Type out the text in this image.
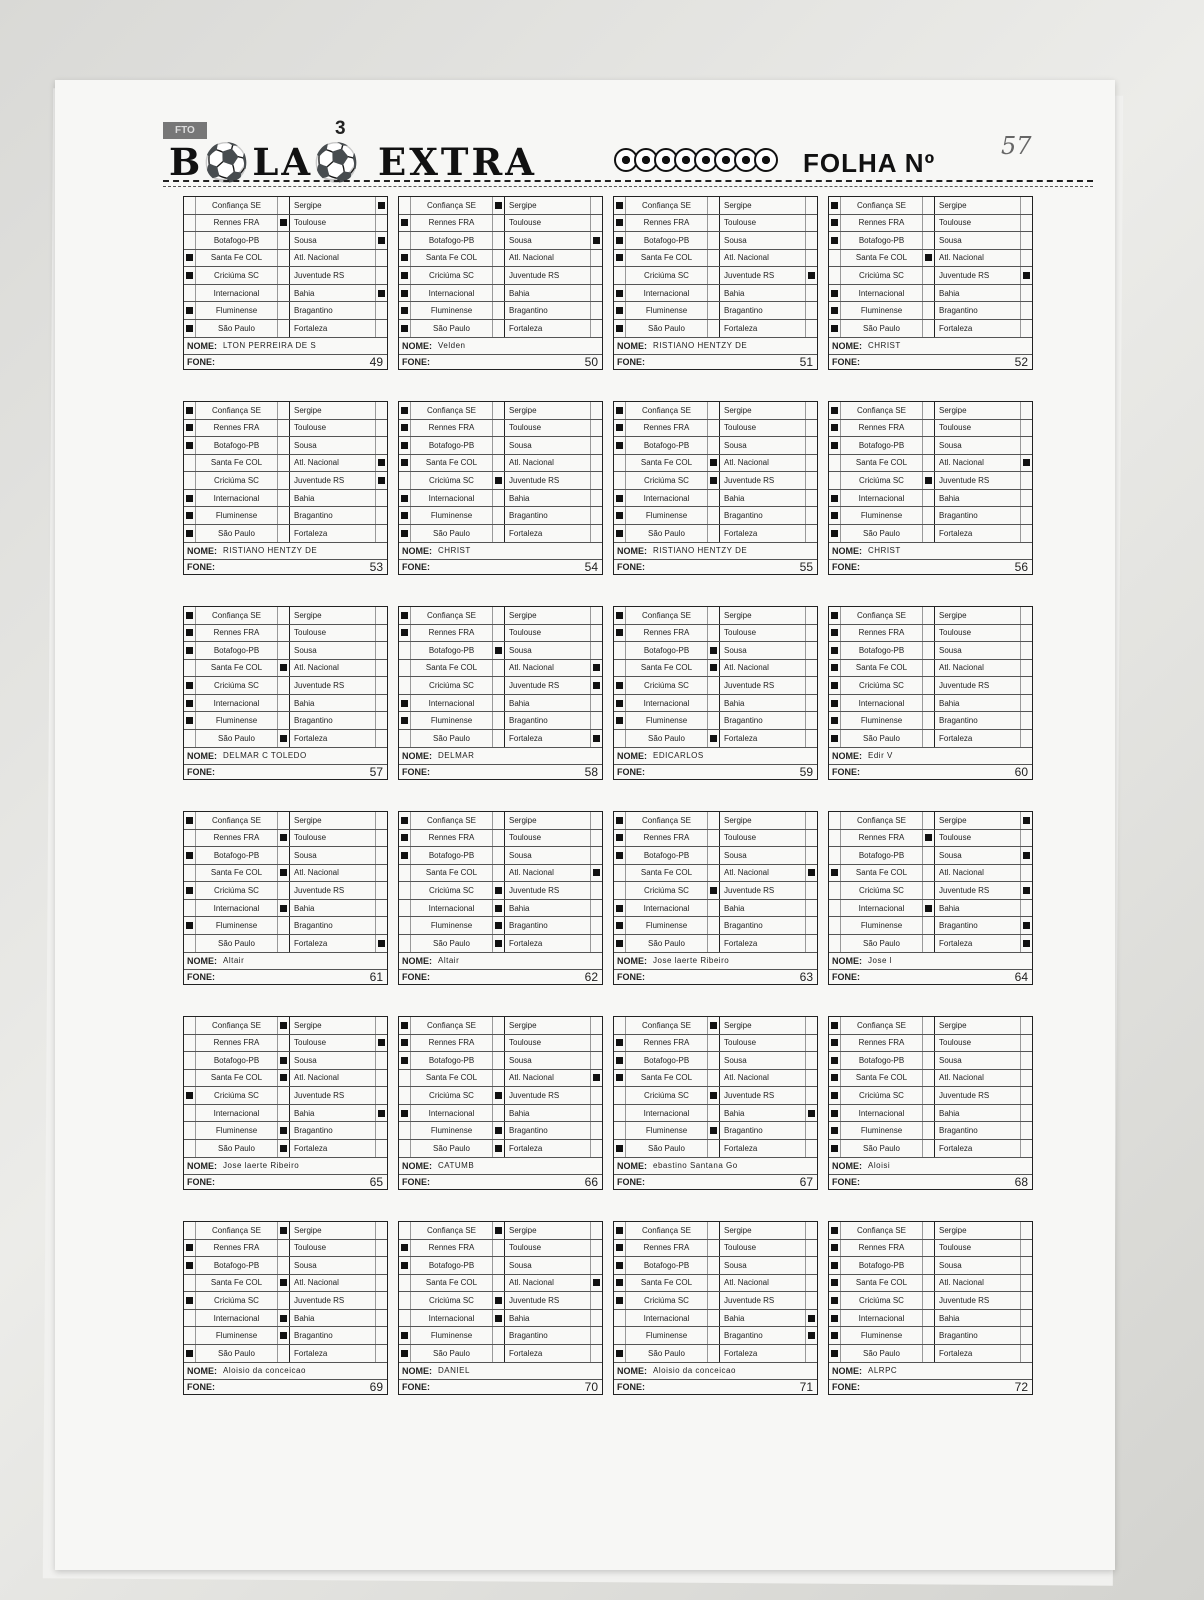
FTO	3
B⚽LA⚽ EXTRA	FOLHA Nº
57
Confiança SE	Sergipe
Rennes FRA	Toulouse
Botafogo-PB	Sousa
Santa Fe COL	Atl. Nacional
Criciúma SC	Juventude RS
Internacional	Bahia
Fluminense	Bragantino
São Paulo	Fortaleza
NOME: LTON PERREIRA DE S
FONE:	49
Confiança SE	Sergipe
Rennes FRA	Toulouse
Botafogo-PB	Sousa
Santa Fe COL	Atl. Nacional
Criciúma SC	Juventude RS
Internacional	Bahia
Fluminense	Bragantino
São Paulo	Fortaleza
NOME: Velden
FONE:	50
Confiança SE	Sergipe
Rennes FRA	Toulouse
Botafogo-PB	Sousa
Santa Fe COL	Atl. Nacional
Criciúma SC	Juventude RS
Internacional	Bahia
Fluminense	Bragantino
São Paulo	Fortaleza
NOME: RISTIANO HENTZY DE
FONE:	51
Confiança SE	Sergipe
Rennes FRA	Toulouse
Botafogo-PB	Sousa
Santa Fe COL	Atl. Nacional
Criciúma SC	Juventude RS
Internacional	Bahia
Fluminense	Bragantino
São Paulo	Fortaleza
NOME: CHRIST
FONE:	52
Confiança SE	Sergipe
Rennes FRA	Toulouse
Botafogo-PB	Sousa
Santa Fe COL	Atl. Nacional
Criciúma SC	Juventude RS
Internacional	Bahia
Fluminense	Bragantino
São Paulo	Fortaleza
NOME: RISTIANO HENTZY DE
FONE:	53
Confiança SE	Sergipe
Rennes FRA	Toulouse
Botafogo-PB	Sousa
Santa Fe COL	Atl. Nacional
Criciúma SC	Juventude RS
Internacional	Bahia
Fluminense	Bragantino
São Paulo	Fortaleza
NOME: CHRIST
FONE:	54
Confiança SE	Sergipe
Rennes FRA	Toulouse
Botafogo-PB	Sousa
Santa Fe COL	Atl. Nacional
Criciúma SC	Juventude RS
Internacional	Bahia
Fluminense	Bragantino
São Paulo	Fortaleza
NOME: RISTIANO HENTZY DE
FONE:	55
Confiança SE	Sergipe
Rennes FRA	Toulouse
Botafogo-PB	Sousa
Santa Fe COL	Atl. Nacional
Criciúma SC	Juventude RS
Internacional	Bahia
Fluminense	Bragantino
São Paulo	Fortaleza
NOME: CHRIST
FONE:	56
Confiança SE	Sergipe
Rennes FRA	Toulouse
Botafogo-PB	Sousa
Santa Fe COL	Atl. Nacional
Criciúma SC	Juventude RS
Internacional	Bahia
Fluminense	Bragantino
São Paulo	Fortaleza
NOME: DELMAR C TOLEDO
FONE:	57
Confiança SE	Sergipe
Rennes FRA	Toulouse
Botafogo-PB	Sousa
Santa Fe COL	Atl. Nacional
Criciúma SC	Juventude RS
Internacional	Bahia
Fluminense	Bragantino
São Paulo	Fortaleza
NOME: DELMAR
FONE:	58
Confiança SE	Sergipe
Rennes FRA	Toulouse
Botafogo-PB	Sousa
Santa Fe COL	Atl. Nacional
Criciúma SC	Juventude RS
Internacional	Bahia
Fluminense	Bragantino
São Paulo	Fortaleza
NOME: EDICARLOS
FONE:	59
Confiança SE	Sergipe
Rennes FRA	Toulouse
Botafogo-PB	Sousa
Santa Fe COL	Atl. Nacional
Criciúma SC	Juventude RS
Internacional	Bahia
Fluminense	Bragantino
São Paulo	Fortaleza
NOME: Edir V
FONE:	60
Confiança SE	Sergipe
Rennes FRA	Toulouse
Botafogo-PB	Sousa
Santa Fe COL	Atl. Nacional
Criciúma SC	Juventude RS
Internacional	Bahia
Fluminense	Bragantino
São Paulo	Fortaleza
NOME: Altair
FONE:	61
Confiança SE	Sergipe
Rennes FRA	Toulouse
Botafogo-PB	Sousa
Santa Fe COL	Atl. Nacional
Criciúma SC	Juventude RS
Internacional	Bahia
Fluminense	Bragantino
São Paulo	Fortaleza
NOME: Altair
FONE:	62
Confiança SE	Sergipe
Rennes FRA	Toulouse
Botafogo-PB	Sousa
Santa Fe COL	Atl. Nacional
Criciúma SC	Juventude RS
Internacional	Bahia
Fluminense	Bragantino
São Paulo	Fortaleza
NOME: Jose laerte Ribeiro
FONE:	63
Confiança SE	Sergipe
Rennes FRA	Toulouse
Botafogo-PB	Sousa
Santa Fe COL	Atl. Nacional
Criciúma SC	Juventude RS
Internacional	Bahia
Fluminense	Bragantino
São Paulo	Fortaleza
NOME: Jose l
FONE:	64
Confiança SE	Sergipe
Rennes FRA	Toulouse
Botafogo-PB	Sousa
Santa Fe COL	Atl. Nacional
Criciúma SC	Juventude RS
Internacional	Bahia
Fluminense	Bragantino
São Paulo	Fortaleza
NOME: Jose laerte Ribeiro
FONE:	65
Confiança SE	Sergipe
Rennes FRA	Toulouse
Botafogo-PB	Sousa
Santa Fe COL	Atl. Nacional
Criciúma SC	Juventude RS
Internacional	Bahia
Fluminense	Bragantino
São Paulo	Fortaleza
NOME: CATUMB
FONE:	66
Confiança SE	Sergipe
Rennes FRA	Toulouse
Botafogo-PB	Sousa
Santa Fe COL	Atl. Nacional
Criciúma SC	Juventude RS
Internacional	Bahia
Fluminense	Bragantino
São Paulo	Fortaleza
NOME: ebastino Santana Go
FONE:	67
Confiança SE	Sergipe
Rennes FRA	Toulouse
Botafogo-PB	Sousa
Santa Fe COL	Atl. Nacional
Criciúma SC	Juventude RS
Internacional	Bahia
Fluminense	Bragantino
São Paulo	Fortaleza
NOME: Aloisi
FONE:	68
Confiança SE	Sergipe
Rennes FRA	Toulouse
Botafogo-PB	Sousa
Santa Fe COL	Atl. Nacional
Criciúma SC	Juventude RS
Internacional	Bahia
Fluminense	Bragantino
São Paulo	Fortaleza
NOME: Aloisio da conceicao
FONE:	69
Confiança SE	Sergipe
Rennes FRA	Toulouse
Botafogo-PB	Sousa
Santa Fe COL	Atl. Nacional
Criciúma SC	Juventude RS
Internacional	Bahia
Fluminense	Bragantino
São Paulo	Fortaleza
NOME: DANIEL
FONE:	70
Confiança SE	Sergipe
Rennes FRA	Toulouse
Botafogo-PB	Sousa
Santa Fe COL	Atl. Nacional
Criciúma SC	Juventude RS
Internacional	Bahia
Fluminense	Bragantino
São Paulo	Fortaleza
NOME: Aloisio da conceicao
FONE:	71
Confiança SE	Sergipe
Rennes FRA	Toulouse
Botafogo-PB	Sousa
Santa Fe COL	Atl. Nacional
Criciúma SC	Juventude RS
Internacional	Bahia
Fluminense	Bragantino
São Paulo	Fortaleza
NOME: ALRPC
FONE:	72
